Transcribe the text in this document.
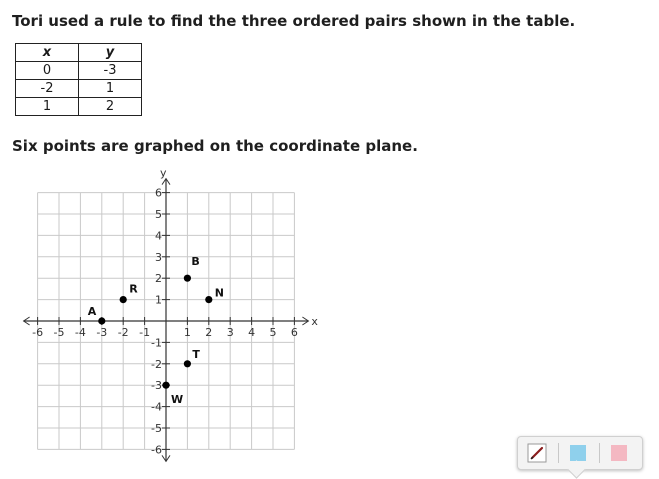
Tori used a rule to find the three ordered pairs shown in the table.

x	y
0	-3
-2	1
1	2

Six points are graphed on the coordinate plane.

x
y
-6 -5 -4 -3 -2 -1	1 2 3 4 5 6
6
5
4
3
2
1
-1
-2
-3
-4
-5
-6
A
R
B
N
T
W
